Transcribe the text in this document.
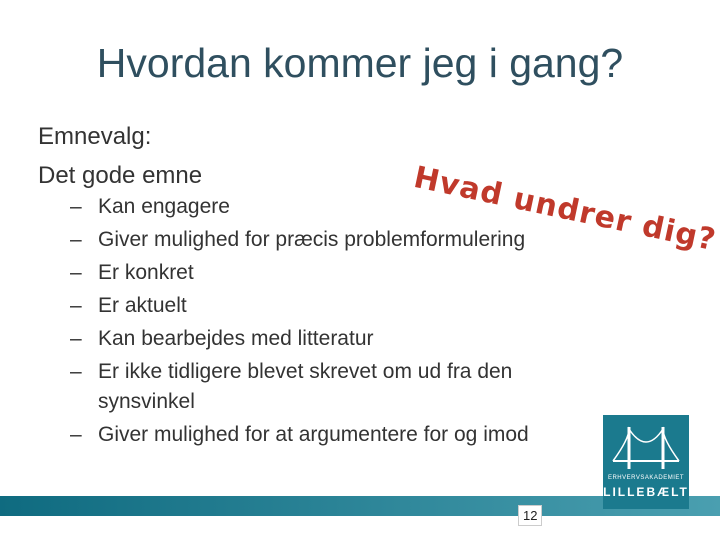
Hvordan kommer jeg i gang?
Emnevalg:
Det gode emne	Hvad undrer dig?
– Kan engagere
– Giver mulighed for præcis problemformulering
– Er konkret
– Er aktuelt
– Kan bearbejdes med litteratur
– Er ikke tidligere blevet skrevet om ud fra den synsvinkel
– Giver mulighed for at argumentere for og imod
12
ERHVERVSAKADEMIET
LILLEBÆLT
12
